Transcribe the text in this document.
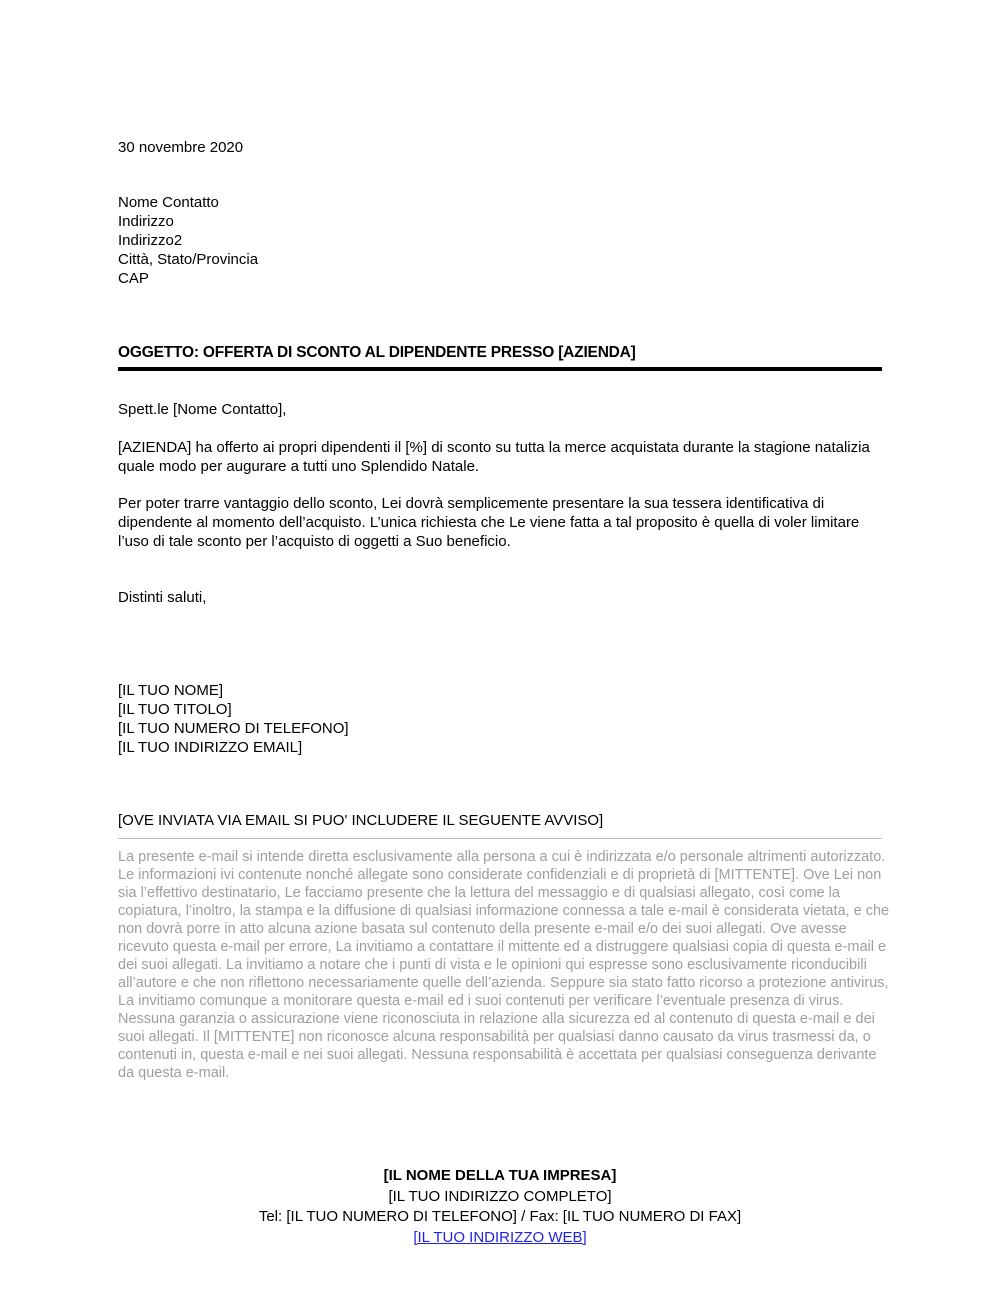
30 novembre 2020
Nome Contatto
Indirizzo
Indirizzo2
Città, Stato/Provincia
CAP
OGGETTO: OFFERTA DI SCONTO AL DIPENDENTE PRESSO [AZIENDA]
Spett.le [Nome Contatto],
[AZIENDA] ha offerto ai propri dipendenti il [%] di sconto su tutta la merce acquistata durante la stagione natalizia quale modo per augurare a tutti uno Splendido Natale.
Per poter trarre vantaggio dello sconto, Lei dovrà semplicemente presentare la sua tessera identificativa di dipendente al momento dell’acquisto. L’unica richiesta che Le viene fatta a tal proposito è quella di voler limitare l’uso di tale sconto per l’acquisto di oggetti a Suo beneficio.
Distinti saluti,
[IL TUO NOME]
[IL TUO TITOLO]
[IL TUO NUMERO DI TELEFONO]
[IL TUO INDIRIZZO EMAIL]
[OVE INVIATA VIA EMAIL SI PUO' INCLUDERE IL SEGUENTE AVVISO]
La presente e-mail si intende diretta esclusivamente alla persona a cui è indirizzata e/o personale altrimenti autorizzato. Le informazioni ivi contenute nonché allegate sono considerate confidenziali e di proprietà di [MITTENTE]. Ove Lei non sia l’effettivo destinatario, Le facciamo presente che la lettura del messaggio e di qualsiasi allegato, così come la copiatura, l’inoltro, la stampa e la diffusione di qualsiasi informazione connessa a tale e-mail è considerata vietata, e che non dovrà porre in atto alcuna azione basata sul contenuto della presente e-mail e/o dei suoi allegati. Ove avesse ricevuto questa e-mail per errore, La invitiamo a contattare il mittente ed a distruggere qualsiasi copia di questa e-mail e dei suoi allegati. La invitiamo a notare che i punti di vista e le opinioni qui espresse sono esclusivamente riconducibili all’autore e che non riflettono necessariamente quelle dell’azienda. Seppure sia stato fatto ricorso a protezione antivirus, La invitiamo comunque a monitorare questa e-mail ed i suoi contenuti per verificare l’eventuale presenza di virus. Nessuna garanzia o assicurazione viene riconosciuta in relazione alla sicurezza ed al contenuto di questa e-mail e dei suoi allegati. Il [MITTENTE] non riconosce alcuna responsabilità per qualsiasi danno causato da virus trasmessi da, o contenuti in, questa e-mail e nei suoi allegati. Nessuna responsabilità è accettata per qualsiasi conseguenza derivante da questa e-mail.
[IL NOME DELLA TUA IMPRESA]
[IL TUO INDIRIZZO COMPLETO]
Tel: [IL TUO NUMERO DI TELEFONO] / Fax: [IL TUO NUMERO DI FAX]
[IL TUO INDIRIZZO WEB]
